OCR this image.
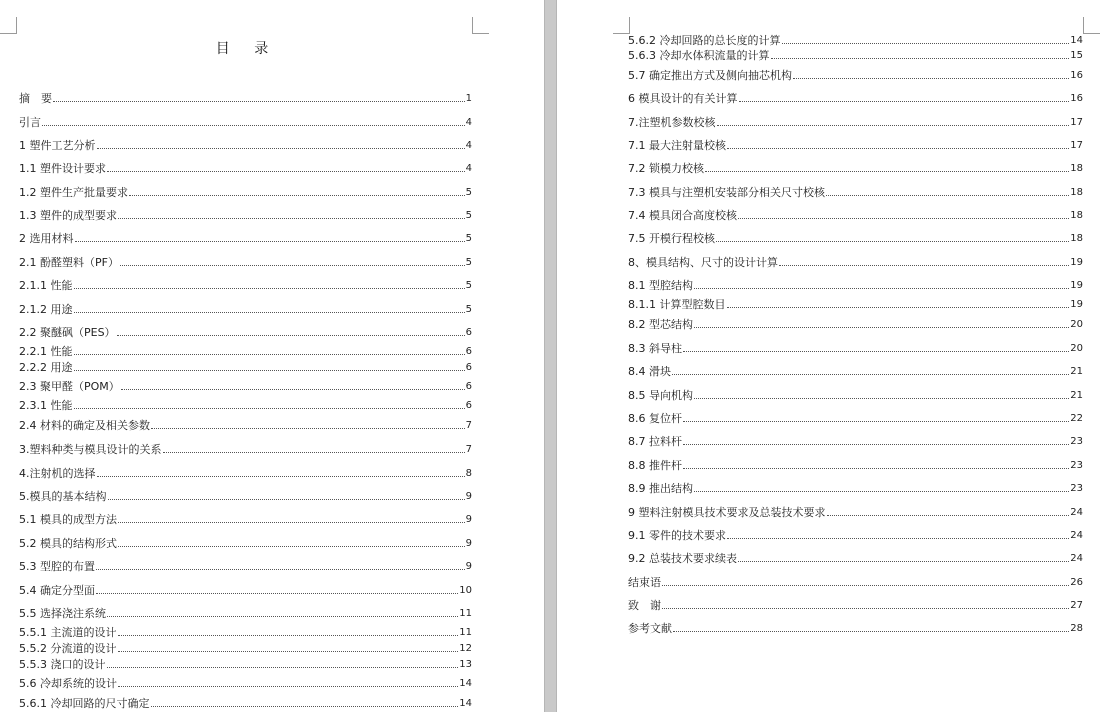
目 录
摘　要	1
引言	4
1 塑件工艺分析	4
1.1 塑件设计要求	4
1.2 塑件生产批量要求	5
1.3 塑件的成型要求	5
2 选用材料	5
2.1 酚醛塑料（PF）	5
2.1.1 性能	5
2.1.2 用途	5
2.2 聚醚砜（PES）	6
2.2.1 性能	6
2.2.2 用途	6
2.3 聚甲醛（POM）	6
2.3.1 性能	6
2.4 材料的确定及相关参数	7
3.塑料种类与模具设计的关系	7
4.注射机的选择	8
5.模具的基本结构	9
5.1 模具的成型方法	9
5.2 模具的结构形式	9
5.3 型腔的布置	9
5.4 确定分型面	10
5.5 选择浇注系统	11
5.5.1 主流道的设计	11
5.5.2 分流道的设计	12
5.5.3 浇口的设计	13
5.6 冷却系统的设计	14
5.6.1 冷却回路的尺寸确定	14
5.6.2 冷却回路的总长度的计算	14
5.6.3 冷却水体积流量的计算	15
5.7 确定推出方式及侧向抽芯机构	16
6 模具设计的有关计算	16
7.注塑机参数校核	17
7.1 最大注射量校核	17
7.2 锁模力校核	18
7.3 模具与注塑机安装部分相关尺寸校核	18
7.4 模具闭合高度校核	18
7.5 开模行程校核	18
8、模具结构、尺寸的设计计算	19
8.1 型腔结构	19
8.1.1 计算型腔数目	19
8.2 型芯结构	20
8.3 斜导柱	20
8.4 滑块	21
8.5 导向机构	21
8.6 复位杆	22
8.7 拉料杆	23
8.8 推件杆	23
8.9 推出结构	23
9 塑料注射模具技术要求及总装技术要求	24
9.1 零件的技术要求	24
9.2 总装技术要求续表	24
结束语	26
致　谢	27
参考文献	28
